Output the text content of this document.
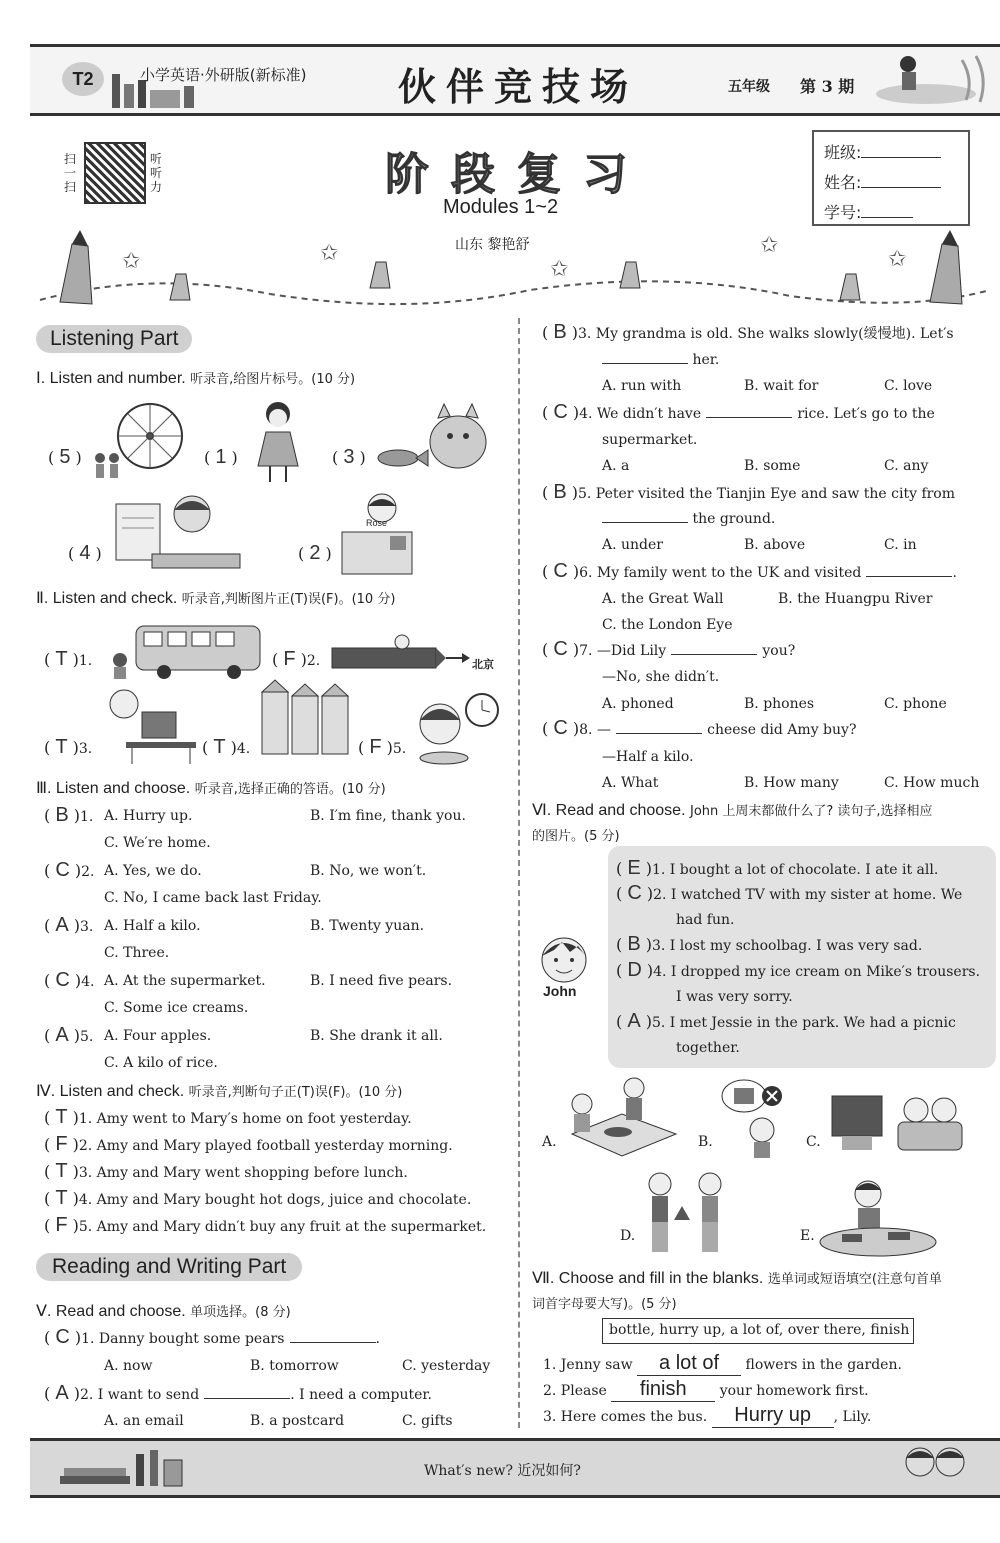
T2	小学英语·外研版(新标准) 伙伴竞技场	五年级 第 3 期
扫一扫
听听力	阶段复习
Modules 1~2
山东 黎艳舒
班级:
姓名:
学号:
✩	✩
✩
✩
✩
Listening Part
Ⅰ. Listen and number. 听录音,给图片标号。(10 分)
( 5 )	( 1 )	( 3 )
( 4 )	( 2 )
Rose
Ⅱ. Listen and check. 听录音,判断图片正(T)误(F)。(10 分)
( T )1.	( F )2.	北京
( T )3.	( T )4.	( F )5.
Ⅲ. Listen and choose. 听录音,选择正确的答语。(10 分)
( B )1. A. Hurry up.	B. I′m fine, thank you.
C. We′re home.
( C )2. A. Yes, we do.	B. No, we won′t.
C. No, I came back last Friday.
( A )3. A. Half a kilo.	B. Twenty yuan.
C. Three.
( C )4. A. At the supermarket.	B. I need five pears.
C. Some ice creams.
( A )5. A. Four apples.	B. She drank it all.
C. A kilo of rice.
Ⅳ. Listen and check. 听录音,判断句子正(T)误(F)。(10 分)
( T )1. Amy went to Mary′s home on foot yesterday.
( F )2. Amy and Mary played football yesterday morning.
( T )3. Amy and Mary went shopping before lunch.
( T )4. Amy and Mary bought hot dogs, juice and chocolate.
( F )5. Amy and Mary didn′t buy any fruit at the supermarket.
Reading and Writing Part
Ⅴ. Read and choose. 单项选择。(8 分)
( C )1. Danny bought some pears	.
A. now	B. tomorrow	C. yesterday
( A )2. I want to send	. I need a computer.
A. an email	B. a postcard	C. gifts
( B )3. My grandma is old. She walks slowly(缓慢地). Let′s
her.
A. run with	B. wait for	C. love
( C )4. We didn′t have	rice. Let′s go to the
supermarket.
A. a	B. some	C. any
( B )5. Peter visited the Tianjin Eye and saw the city from
the ground.
A. under	B. above	C. in
( C )6. My family went to the UK and visited	.
A. the Great Wall	B. the Huangpu River
C. the London Eye
( C )7. —Did Lily	you?
—No, she didn′t.
A. phoned	B. phones	C. phone
( C )8. —	cheese did Amy buy?
—Half a kilo.
A. What	B. How many	C. How much
Ⅵ. Read and choose. John 上周末都做什么了? 读句子,选择相应
的图片。(5 分)
John
( E )1. I bought a lot of chocolate. I ate it all.
( C )2. I watched TV with my sister at home. We
had fun.
( B )3. I lost my schoolbag. I was very sad.
( D )4. I dropped my ice cream on Mike′s trousers.
I was very sorry.
( A )5. I met Jessie in the park. We had a picnic
together.
A.	B.	C.
D.	E.
Ⅶ. Choose and fill in the blanks. 选单词或短语填空(注意句首单
词首字母要大写)。(5 分)
bottle, hurry up, a lot of, over there, finish
1. Jenny saw a lot of flowers in the garden.
2. Please finish your homework first.
3. Here comes the bus. Hurry up , Lily.
What′s new? 近况如何?
